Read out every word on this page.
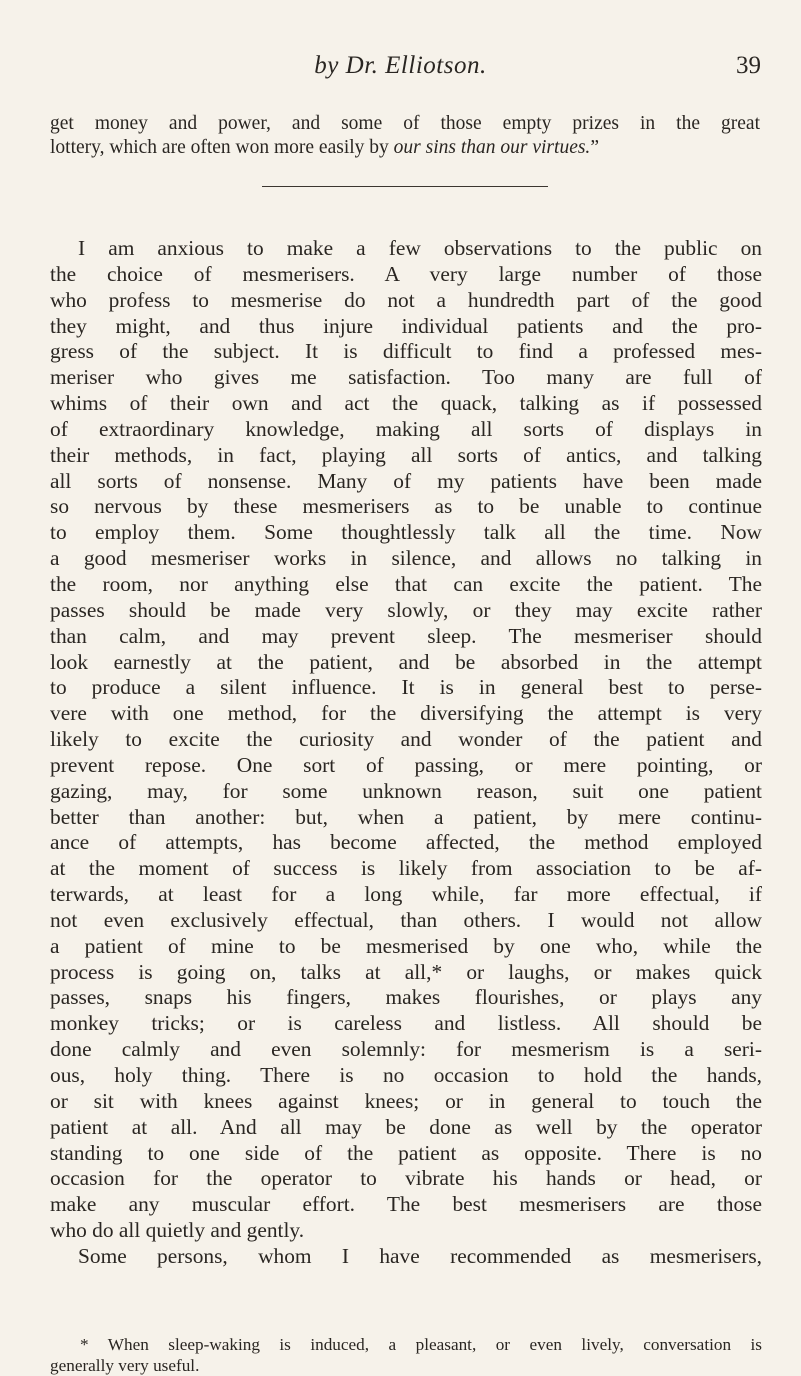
by Dr. Elliotson.	39
get money and power, and some of those empty prizes in the great
lottery, which are often won more easily by our sins than our virtues.”
I am anxious to make a few observations to the public on
the choice of mesmerisers. A very large number of those
who profess to mesmerise do not a hundredth part of the good
they might, and thus injure individual patients and the pro-
gress of the subject. It is difficult to find a professed mes-
meriser who gives me satisfaction. Too many are full of
whims of their own and act the quack, talking as if possessed
of extraordinary knowledge, making all sorts of displays in
their methods, in fact, playing all sorts of antics, and talking
all sorts of nonsense. Many of my patients have been made
so nervous by these mesmerisers as to be unable to continue
to employ them. Some thoughtlessly talk all the time. Now
a good mesmeriser works in silence, and allows no talking in
the room, nor anything else that can excite the patient. The
passes should be made very slowly, or they may excite rather
than calm, and may prevent sleep. The mesmeriser should
look earnestly at the patient, and be absorbed in the attempt
to produce a silent influence. It is in general best to perse-
vere with one method, for the diversifying the attempt is very
likely to excite the curiosity and wonder of the patient and
prevent repose. One sort of passing, or mere pointing, or
gazing, may, for some unknown reason, suit one patient
better than another: but, when a patient, by mere continu-
ance of attempts, has become affected, the method employed
at the moment of success is likely from association to be af-
terwards, at least for a long while, far more effectual, if
not even exclusively effectual, than others. I would not allow
a patient of mine to be mesmerised by one who, while the
process is going on, talks at all,* or laughs, or makes quick
passes, snaps his fingers, makes flourishes, or plays any
monkey tricks; or is careless and listless. All should be
done calmly and even solemnly: for mesmerism is a seri-
ous, holy thing. There is no occasion to hold the hands,
or sit with knees against knees; or in general to touch the
patient at all. And all may be done as well by the operator
standing to one side of the patient as opposite. There is no
occasion for the operator to vibrate his hands or head, or
make any muscular effort. The best mesmerisers are those
who do all quietly and gently.
Some persons, whom I have recommended as mesmerisers,
* When sleep-waking is induced, a pleasant, or even lively, conversation is
generally very useful.
